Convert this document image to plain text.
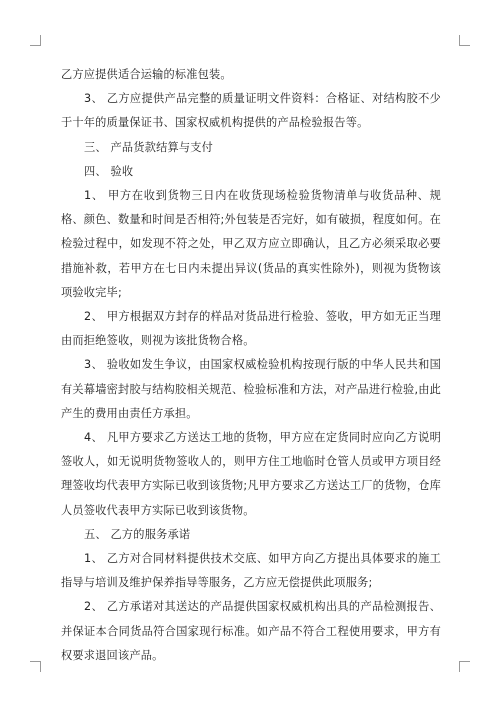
乙方应提供适合运输的标准包装。

3、 乙方应提供产品完整的质量证明文件资料：合格证、对结构胶不少于十年的质量保证书、国家权威机构提供的产品检验报告等。

三、 产品货款结算与支付

四、 验收

1、 甲方在收到货物三日内在收货现场检验货物清单与收货品种、规格、颜色、数量和时间是否相符;外包装是否完好，如有破损，程度如何。在检验过程中，如发现不符之处，甲乙双方应立即确认，且乙方必须采取必要措施补救，若甲方在七日内未提出异议(货品的真实性除外)，则视为货物该项验收完毕;

2、 甲方根据双方封存的样品对货品进行检验、签收，甲方如无正当理由而拒绝签收，则视为该批货物合格。

3、 验收如发生争议，由国家权威检验机构按现行版的中华人民共和国有关幕墙密封胶与结构胶相关规范、检验标准和方法，对产品进行检验,由此产生的费用由责任方承担。

4、 凡甲方要求乙方送达工地的货物，甲方应在定货同时应向乙方说明签收人，如无说明货物签收人的，则甲方住工地临时仓管人员或甲方项目经理签收均代表甲方实际已收到该货物;凡甲方要求乙方送达工厂的货物，仓库人员签收代表甲方实际已收到该货物。

五、 乙方的服务承诺

1、 乙方对合同材料提供技术交底、如甲方向乙方提出具体要求的施工指导与培训及维护保养指导等服务，乙方应无偿提供此项服务;

2、 乙方承诺对其送达的产品提供国家权威机构出具的产品检测报告、并保证本合同货品符合国家现行标准。如产品不符合工程使用要求，甲方有权要求退回该产品。
